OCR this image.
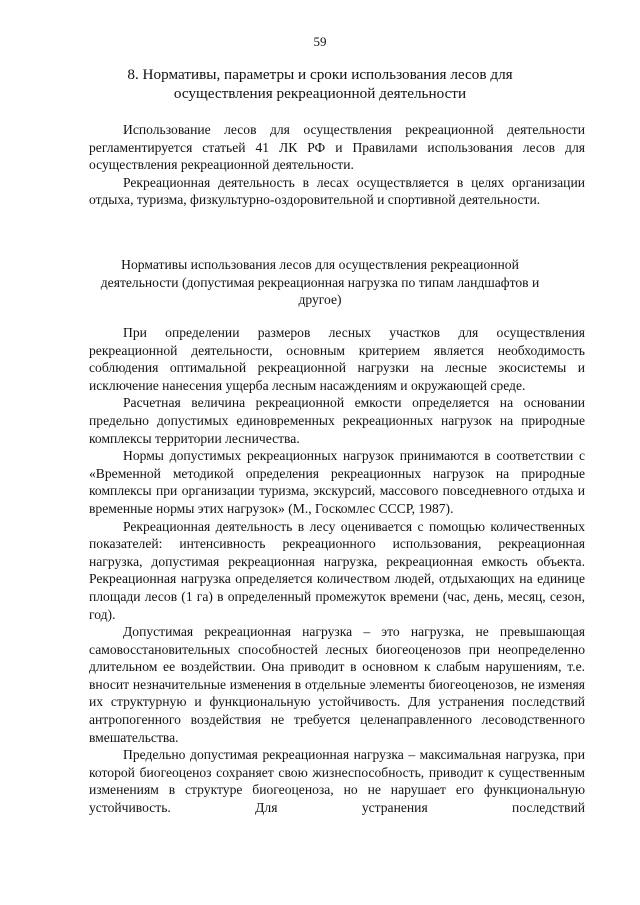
59
8. Нормативы, параметры и сроки использования лесов для осуществления рекреационной деятельности

Использование лесов для осуществления рекреационной деятельности регламентируется статьей 41 ЛК РФ и Правилами использования лесов для осуществления рекреационной деятельности.

Рекреационная деятельность в лесах осуществляется в целях организации отдыха, туризма, физкультурно-оздоровительной и спортивной деятельности.

Нормативы использования лесов для осуществления рекреационной деятельности (допустимая рекреационная нагрузка по типам ландшафтов и другое)

При определении размеров лесных участков для осуществления рекреационной деятельности, основным критерием является необходимость соблюдения оптимальной рекреационной нагрузки на лесные экосистемы и исключение нанесения ущерба лесным насаждениям и окружающей среде.

Расчетная величина рекреационной емкости определяется на основании предельно допустимых единовременных рекреационных нагрузок на природные комплексы территории лесничества.

Нормы допустимых рекреационных нагрузок принимаются в соответствии с «Временной методикой определения рекреационных нагрузок на природные комплексы при организации туризма, экскурсий, массового повседневного отдыха и временные нормы этих нагрузок» (М., Госкомлес СССР, 1987).

Рекреационная деятельность в лесу оценивается с помощью количественных показателей: интенсивность рекреационного использования, рекреационная нагрузка, допустимая рекреационная нагрузка, рекреационная емкость объекта. Рекреационная нагрузка определяется количеством людей, отдыхающих на единице площади лесов (1 га) в определенный промежуток времени (час, день, месяц, сезон, год).

Допустимая рекреационная нагрузка – это нагрузка, не превышающая самовосстановительных способностей лесных биогеоценозов при неопределенно длительном ее воздействии. Она приводит в основном к слабым нарушениям, т.е. вносит незначительные изменения в отдельные элементы биогеоценозов, не изменяя их структурную и функциональную устойчивость. Для устранения последствий антропогенного воздействия не требуется целенаправленного лесоводственного вмешательства.

Предельно допустимая рекреационная нагрузка – максимальная нагрузка, при которой биогеоценоз сохраняет свою жизнеспособность, приводит к существенным изменениям в структуре биогеоценоза, но не нарушает его функциональную устойчивость. Для устранения последствий
